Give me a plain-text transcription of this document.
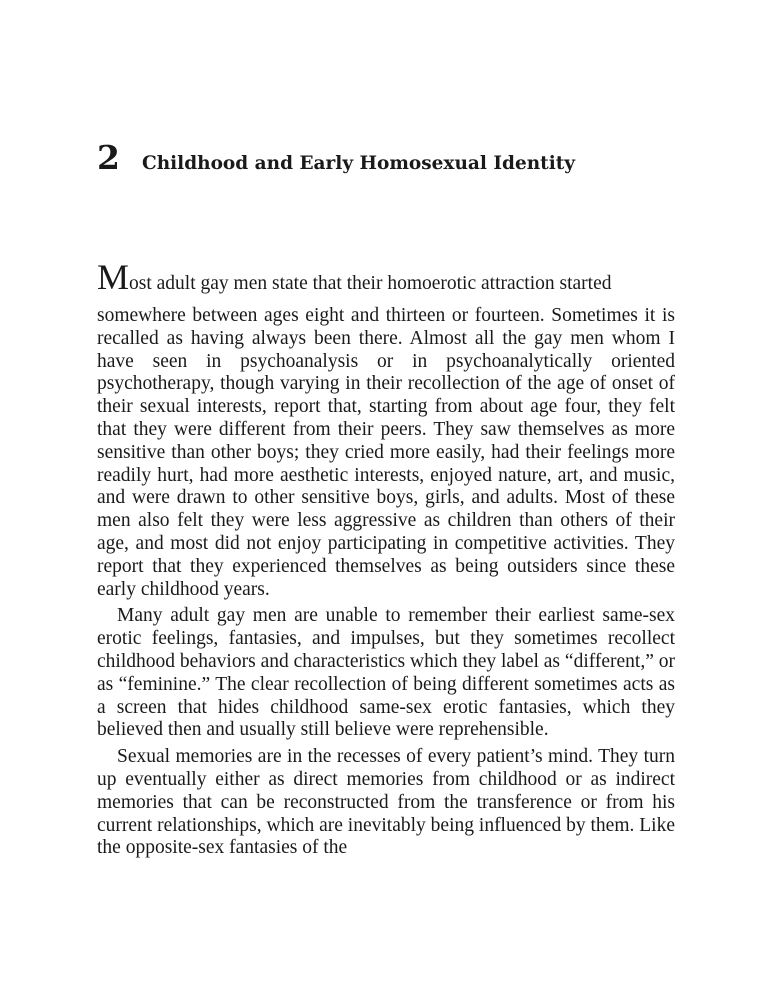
2 Childhood and Early Homosexual Identity

Most adult gay men state that their homoerotic attraction started

somewhere between ages eight and thirteen or fourteen. Sometimes it is recalled as having always been there. Almost all the gay men whom I have seen in psychoanalysis or in psychoanalytically oriented psychotherapy, though varying in their recollection of the age of onset of their sexual interests, report that, starting from about age four, they felt that they were different from their peers. They saw themselves as more sensitive than other boys; they cried more easily, had their feelings more readily hurt, had more aesthetic interests, enjoyed nature, art, and music, and were drawn to other sensitive boys, girls, and adults. Most of these men also felt they were less aggressive as children than others of their age, and most did not enjoy participating in competitive activities. They report that they experienced themselves as being outsiders since these early childhood years.

Many adult gay men are unable to remember their earliest same-sex erotic feelings, fantasies, and impulses, but they sometimes recollect childhood behaviors and characteristics which they label as “different,” or as “feminine.” The clear recollection of being different sometimes acts as a screen that hides childhood same-sex erotic fantasies, which they believed then and usually still believe were reprehensible.

Sexual memories are in the recesses of every patient’s mind. They turn up eventually either as direct memories from childhood or as indirect memories that can be reconstructed from the transference or from his current relationships, which are inevitably being influenced by them. Like the opposite-sex fantasies of the
